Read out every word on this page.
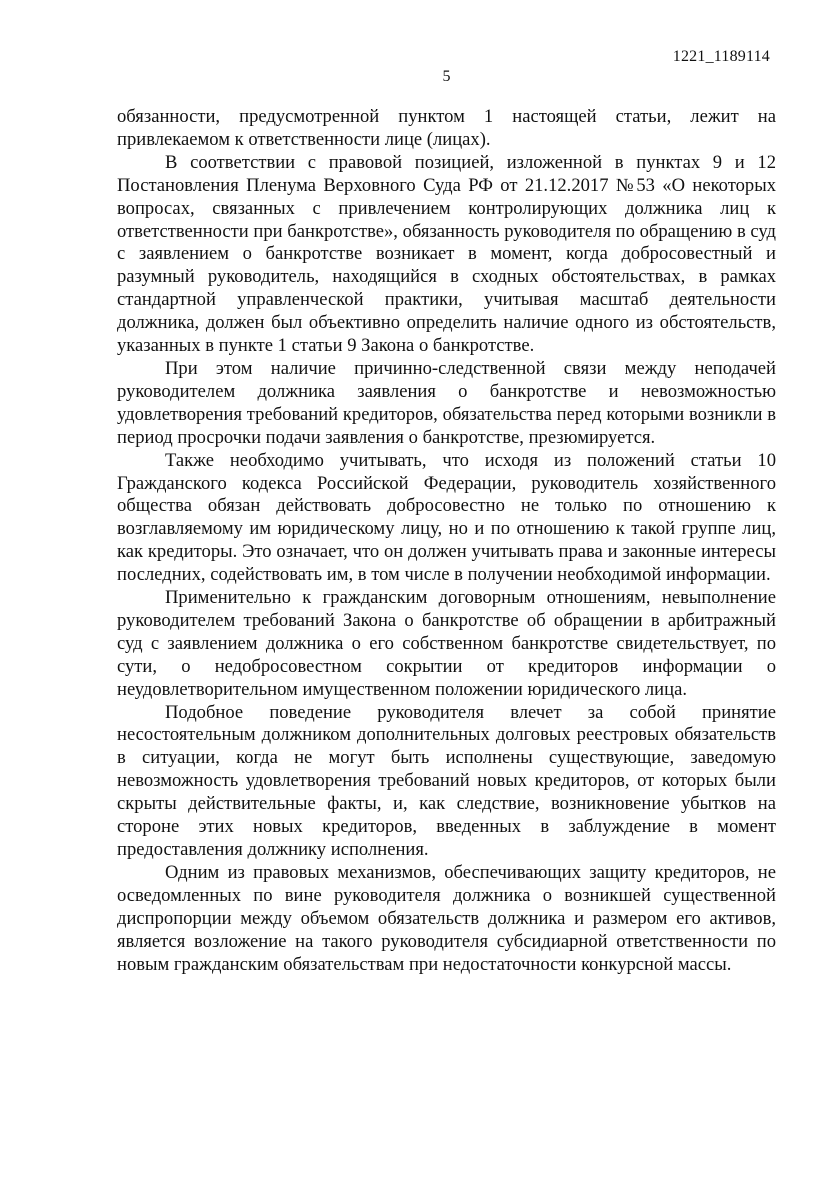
1221_1189114
5

обязанности, предусмотренной пунктом 1 настоящей статьи, лежит на привлекаемом к ответственности лице (лицах).

В соответствии с правовой позицией, изложенной в пунктах 9 и 12 Постановления Пленума Верховного Суда РФ от 21.12.2017 №53 «О некоторых вопросах, связанных с привлечением контролирующих должника лиц к ответственности при банкротстве», обязанность руководителя по обращению в суд с заявлением о банкротстве возникает в момент, когда добросовестный и разумный руководитель, находящийся в сходных обстоятельствах, в рамках стандартной управленческой практики, учитывая масштаб деятельности должника, должен был объективно определить наличие одного из обстоятельств, указанных в пункте 1 статьи 9 Закона о банкротстве.

При этом наличие причинно-следственной связи между неподачей руководителем должника заявления о банкротстве и невозможностью удовлетворения требований кредиторов, обязательства перед которыми возникли в период просрочки подачи заявления о банкротстве, презюмируется.

Также необходимо учитывать, что исходя из положений статьи 10 Гражданского кодекса Российской Федерации, руководитель хозяйственного общества обязан действовать добросовестно не только по отношению к возглавляемому им юридическому лицу, но и по отношению к такой группе лиц, как кредиторы. Это означает, что он должен учитывать права и законные интересы последних, содействовать им, в том числе в получении необходимой информации.

Применительно к гражданским договорным отношениям, невыполнение руководителем требований Закона о банкротстве об обращении в арбитражный суд с заявлением должника о его собственном банкротстве свидетельствует, по сути, о недобросовестном сокрытии от кредиторов информации о неудовлетворительном имущественном положении юридического лица.

Подобное поведение руководителя влечет за собой принятие несостоятельным должником дополнительных долговых реестровых обязательств в ситуации, когда не могут быть исполнены существующие, заведомую невозможность удовлетворения требований новых кредиторов, от которых были скрыты действительные факты, и, как следствие, возникновение убытков на стороне этих новых кредиторов, введенных в заблуждение в момент предоставления должнику исполнения.

Одним из правовых механизмов, обеспечивающих защиту кредиторов, не осведомленных по вине руководителя должника о возникшей существенной диспропорции между объемом обязательств должника и размером его активов, является возложение на такого руководителя субсидиарной ответственности по новым гражданским обязательствам при недостаточности конкурсной массы.
